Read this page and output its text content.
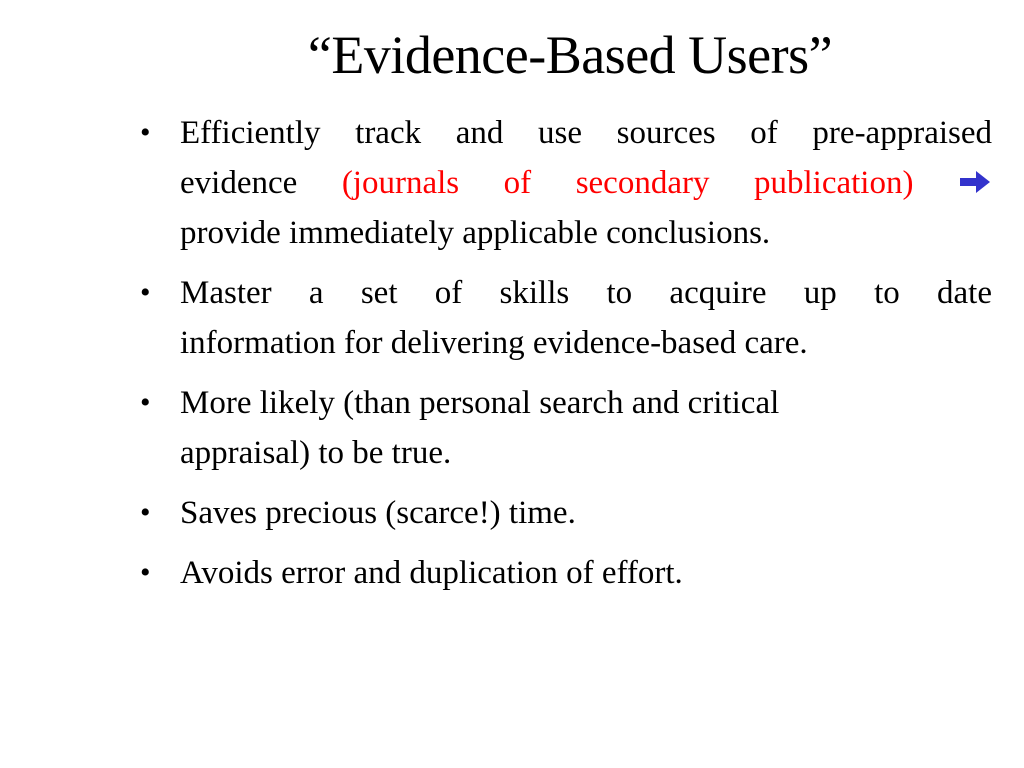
“Evidence-Based Users”
• Efficiently track and use sources of pre-appraised
evidence (journals of secondary publication)
provide immediately applicable conclusions.
• Master a set of skills to acquire up to date
information for delivering evidence-based care.
• More likely (than personal search and critical
appraisal) to be true.
• Saves precious (scarce!) time.
• Avoids error and duplication of effort.
